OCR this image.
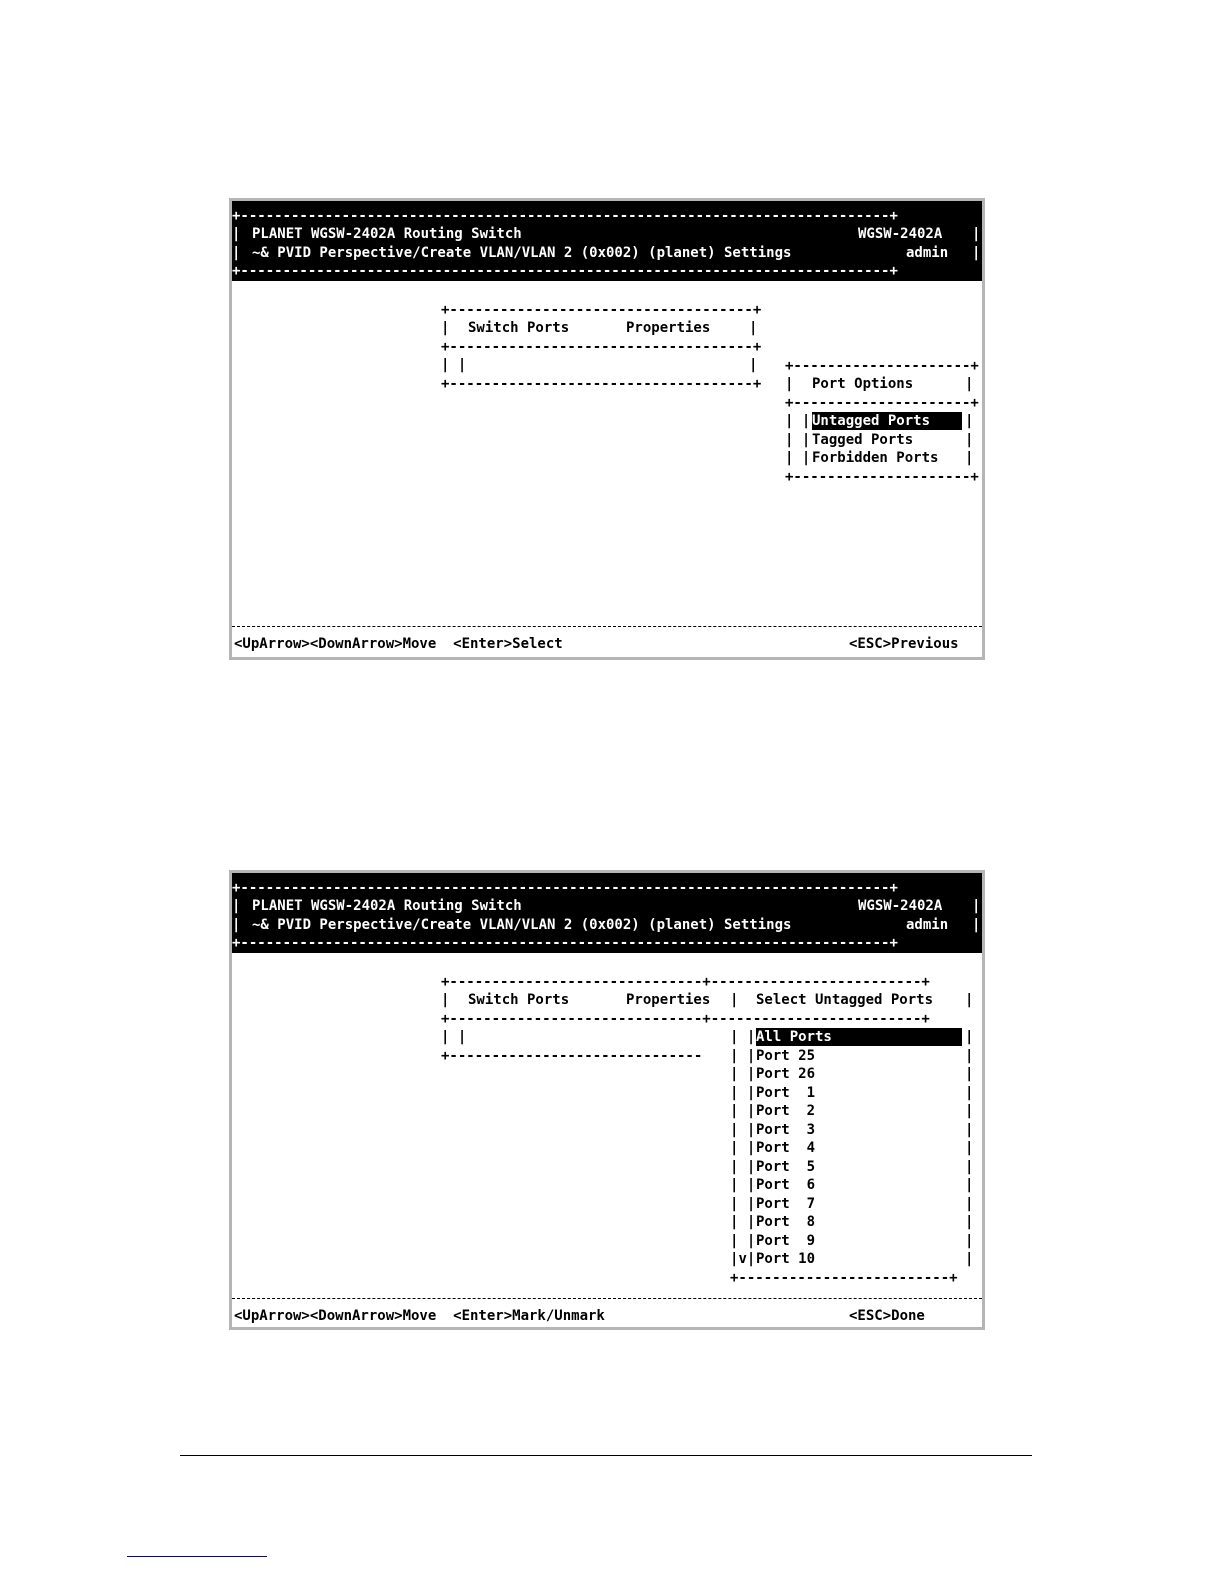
+-----------------------------------------------------------------------------+
| PLANET WGSW-2402A Routing Switch	WGSW-2402A |
| ~& PVID Perspective/Create VLAN/VLAN 2 (0x002) (planet) Settings	admin |
+-----------------------------------------------------------------------------+
+------------------------------------+
| Switch Ports	Properties	|
+------------------------------------+
| |	|
+------------------------------------+
+---------------------+
| Port Options	|
+---------------------+
| | Untagged Ports	|
| | Tagged Ports	|
| | Forbidden Ports |
+---------------------+
<UpArrow><DownArrow>Move  <Enter>Select	<ESC>Previous
+-----------------------------------------------------------------------------+
| PLANET WGSW-2402A Routing Switch	WGSW-2402A |
| ~& PVID Perspective/Create VLAN/VLAN 2 (0x002) (planet) Settings	admin |
+-----------------------------------------------------------------------------+
+------------------------------+-------------------------+
| Switch Ports	Properties | Select Untagged Ports |
+------------------------------+-------------------------+
| |
+------------------------------
| | All Ports	|
| | Port 25	|
| | Port 26	|
| | Port  1	|
| | Port  2	|
| | Port  3	|
| | Port  4	|
| | Port  5	|
| | Port  6	|
| | Port  7	|
| | Port  8	|
| | Port  9	|
|v| Port 10	|
+-------------------------+
<UpArrow><DownArrow>Move  <Enter>Mark/Unmark	<ESC>Done
